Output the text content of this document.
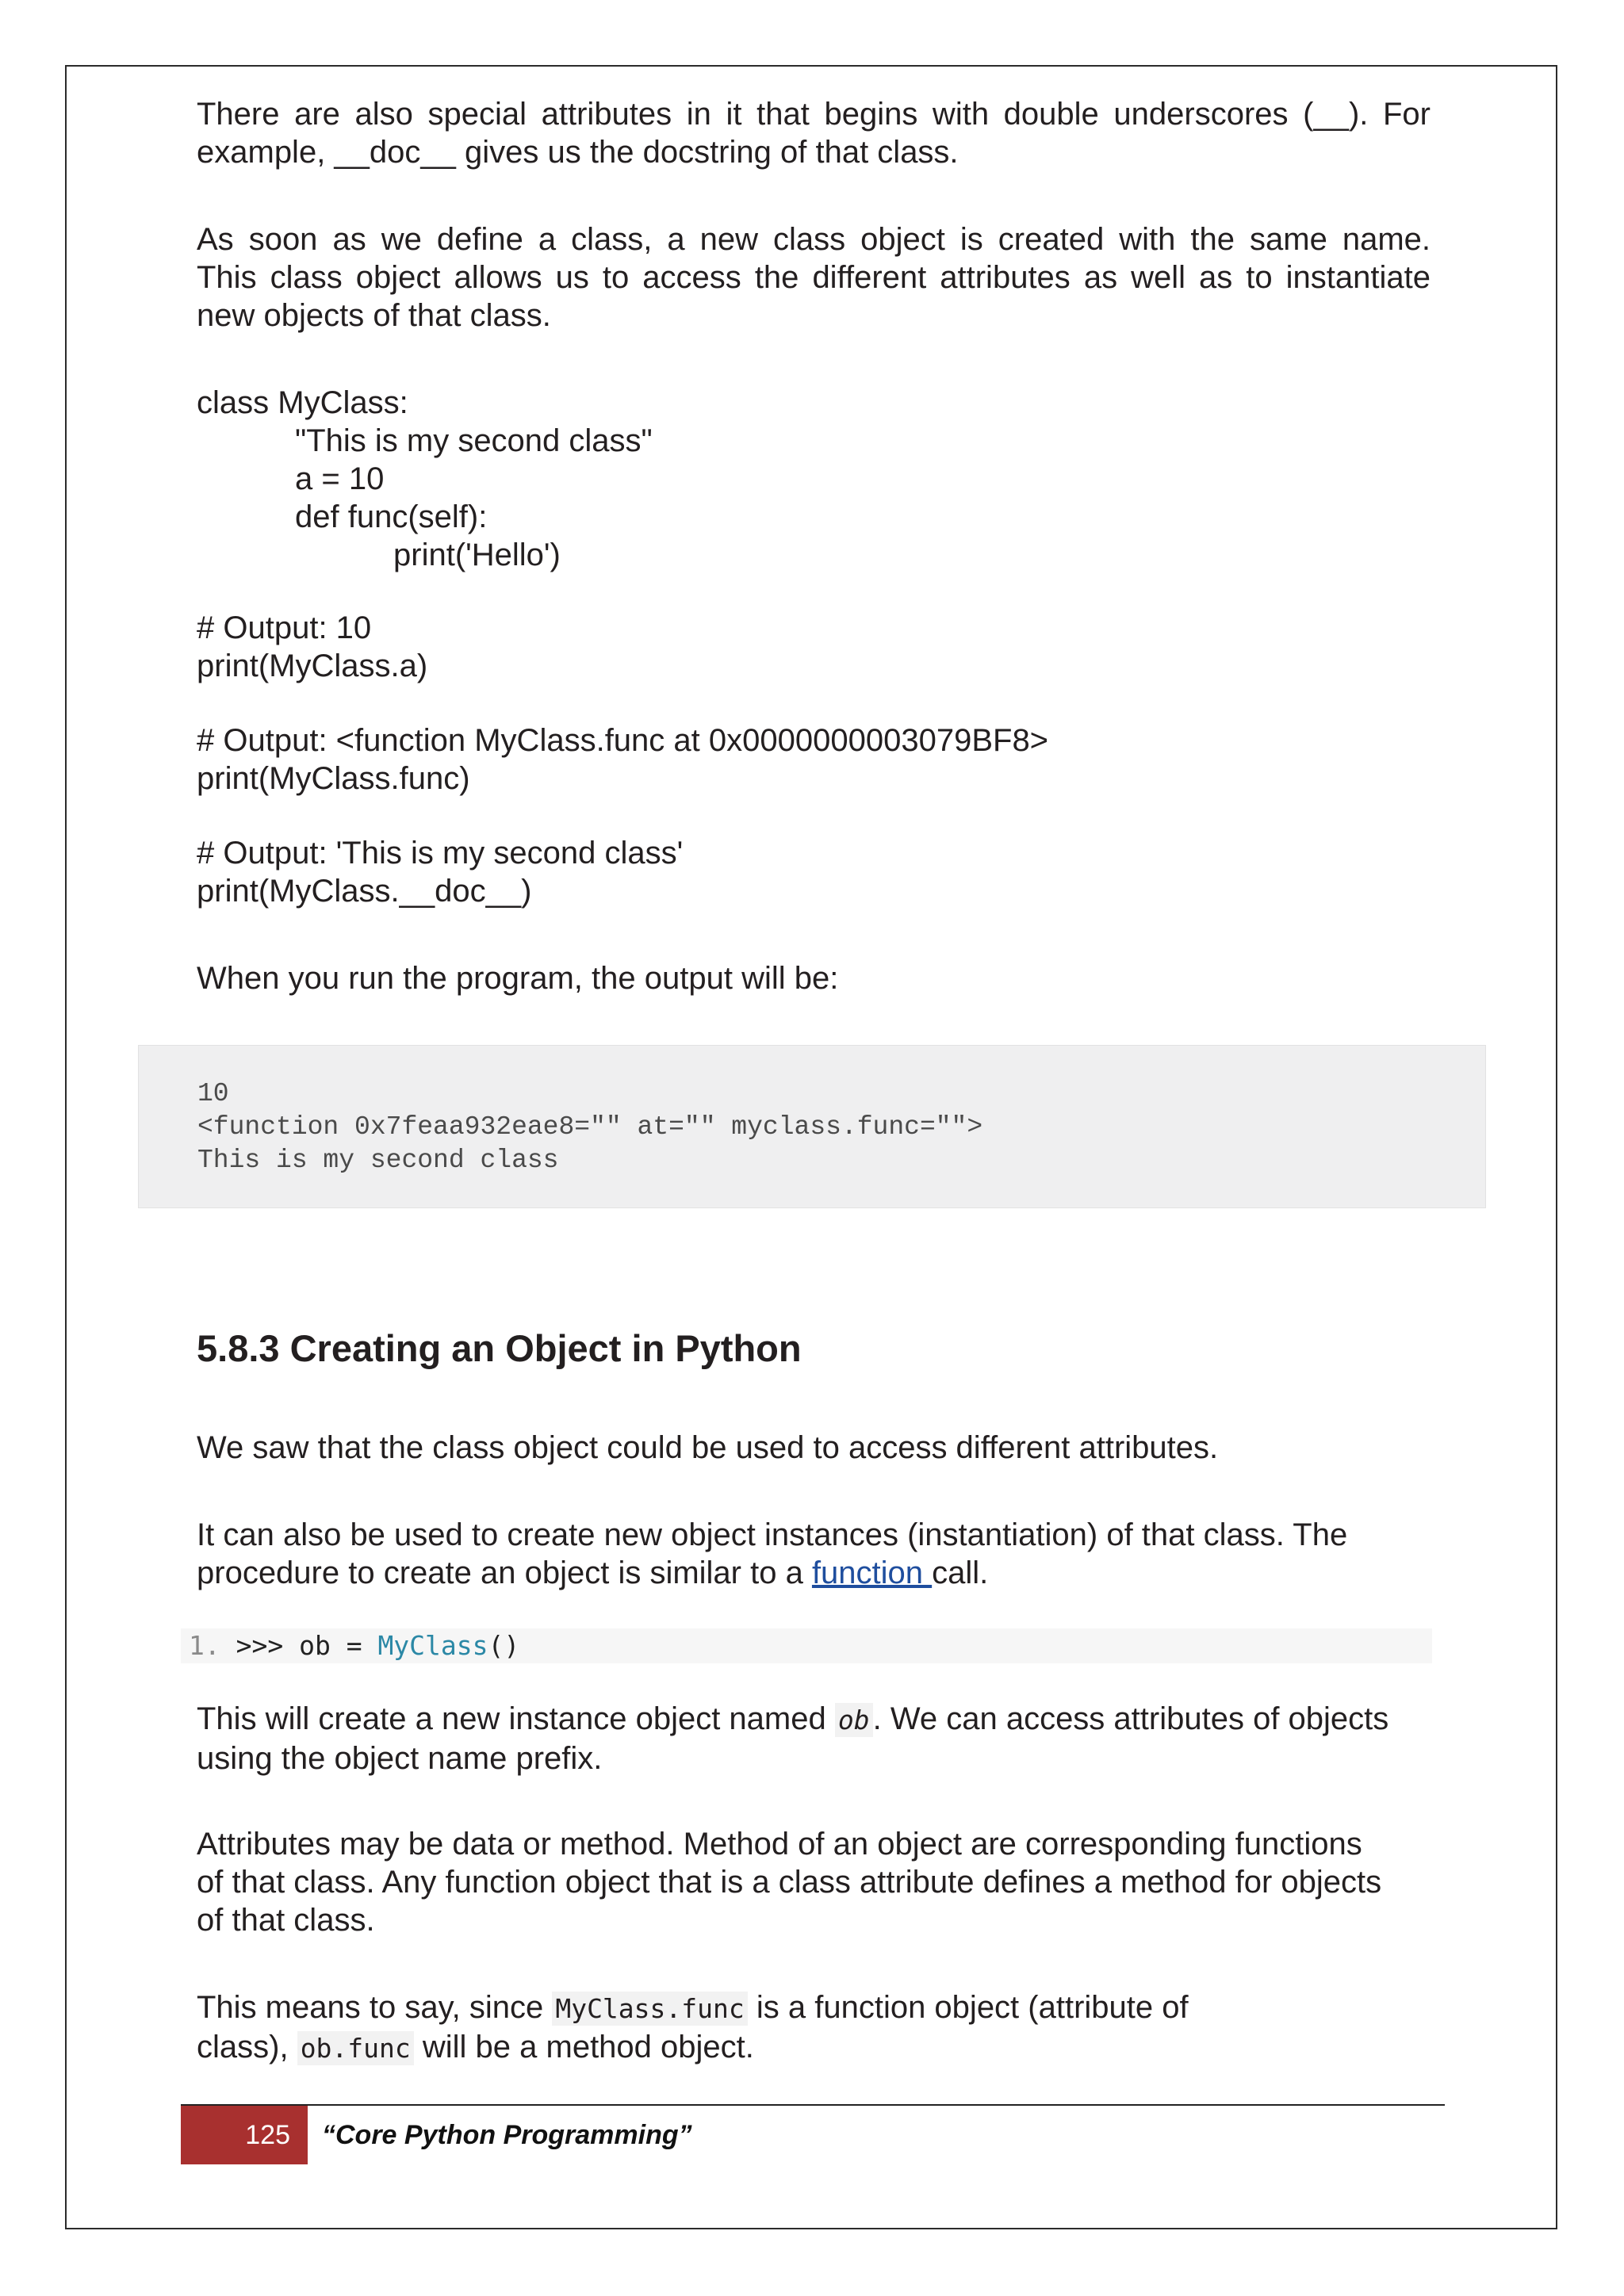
There are also special attributes in it that begins with double underscores (__). For
example, __doc__ gives us the docstring of that class.
As soon as we define a class, a new class object is created with the same name.
This class object allows us to access the different attributes as well as to instantiate
new objects of that class.
class MyClass:
"This is my second class"
a = 10
def func(self):
print('Hello')
# Output: 10
print(MyClass.a)
# Output: <function MyClass.func at 0x0000000003079BF8>
print(MyClass.func)
# Output: 'This is my second class'
print(MyClass.__doc__)
When you run the program, the output will be:
10
<function 0x7feaa932eae8="" at="" myclass.func="">
This is my second class
5.8.3 Creating an Object in Python
We saw that the class object could be used to access different attributes.
It can also be used to create new object instances (instantiation) of that class. The
procedure to create an object is similar to a function call.
1. >>> ob = MyClass()
This will create a new instance object named ob . We can access attributes of objects
using the object name prefix.
Attributes may be data or method. Method of an object are corresponding functions
of that class. Any function object that is a class attribute defines a method for objects
of that class.
This means to say, since MyClass.func is a function object (attribute of
class), ob.func will be a method object.
125	“Core Python Programming”
